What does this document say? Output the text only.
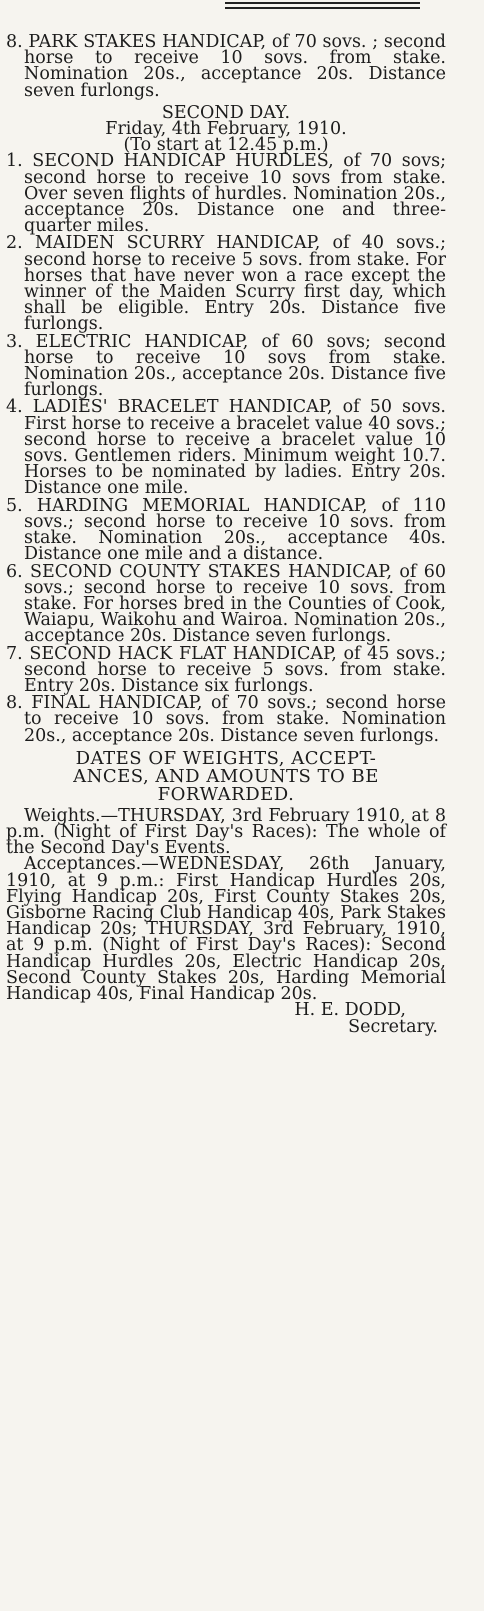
8. PARK STAKES HANDICAP, of 70 sovs. ; second horse to receive 10 sovs. from stake. Nomination 20s., acceptance 20s. Distance seven furlongs.

SECOND DAY.

Friday, 4th February, 1910.

(To start at 12.45 p.m.)

1. SECOND HANDICAP HURDLES, of 70 sovs; second horse to receive 10 sovs from stake. Over seven flights of hurdles. Nomination 20s., acceptance 20s. Distance one and three-quarter miles.

2. MAIDEN SCURRY HANDICAP, of 40 sovs.; second horse to receive 5 sovs. from stake. For horses that have never won a race except the winner of the Maiden Scurry first day, which shall be eligible. Entry 20s. Distance five furlongs.

3. ELECTRIC HANDICAP, of 60 sovs; second horse to receive 10 sovs from stake. Nomination 20s., acceptance 20s. Distance five furlongs.

4. LADIES' BRACELET HANDICAP, of 50 sovs. First horse to receive a bracelet value 40 sovs.; second horse to receive a bracelet value 10 sovs. Gentlemen riders. Minimum weight 10.7. Horses to be nominated by ladies. Entry 20s. Distance one mile.

5. HARDING MEMORIAL HANDICAP, of 110 sovs.; second horse to receive 10 sovs. from stake. Nomination 20s., acceptance 40s. Distance one mile and a distance.

6. SECOND COUNTY STAKES HANDICAP, of 60 sovs.; second horse to receive 10 sovs. from stake. For horses bred in the Counties of Cook, Waiapu, Waikohu and Wairoa. Nomination 20s., acceptance 20s. Distance seven furlongs.

7. SECOND HACK FLAT HANDICAP, of 45 sovs.; second horse to receive 5 sovs. from stake. Entry 20s. Distance six furlongs.

8. FINAL HANDICAP, of 70 sovs.; second horse to receive 10 sovs. from stake. Nomination 20s., acceptance 20s. Distance seven furlongs.

DATES OF WEIGHTS, ACCEPT-

ANCES, AND AMOUNTS TO BE

FORWARDED.

Weights.—THURSDAY, 3rd February 1910, at 8 p.m. (Night of First Day's Races): The whole of the Second Day's Events.

Acceptances.—WEDNESDAY, 26th January, 1910, at 9 p.m.: First Handicap Hurdles 20s, Flying Handicap 20s, First County Stakes 20s, Gisborne Racing Club Handicap 40s, Park Stakes Handicap 20s; THURSDAY, 3rd February, 1910, at 9 p.m. (Night of First Day's Races): Second Handicap Hurdles 20s, Electric Handicap 20s, Second County Stakes 20s, Harding Memorial Handicap 40s, Final Handicap 20s.

H. E. DODD,

Secretary.
